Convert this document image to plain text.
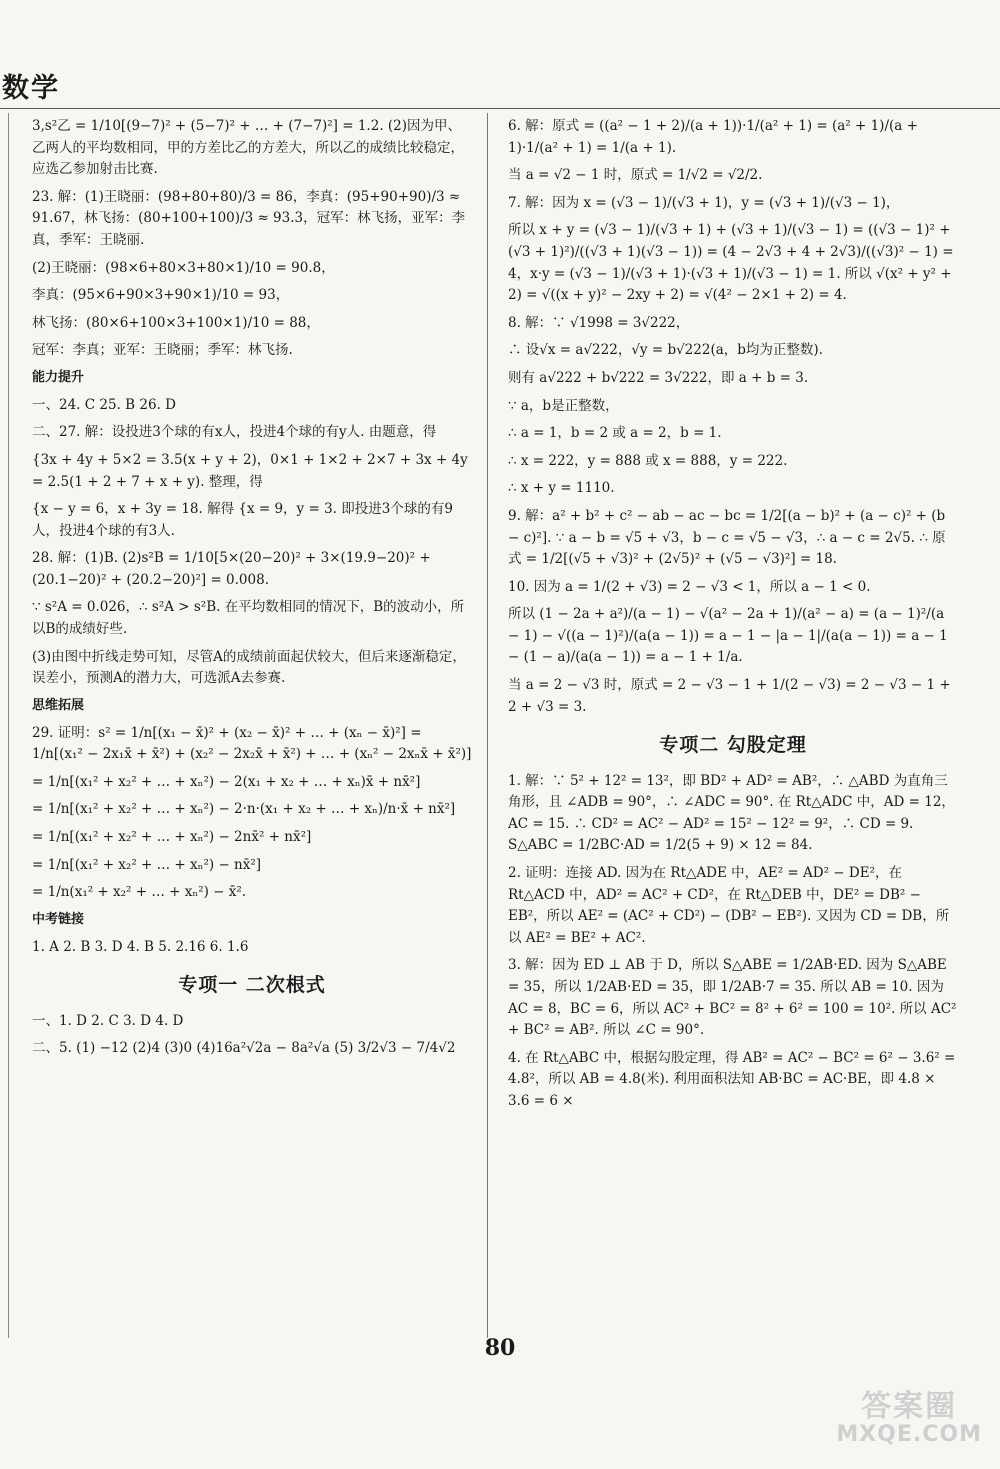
数学

3,s²乙 = 1/10[(9−7)² + (5−7)² + … + (7−7)²] = 1.2. (2)因为甲、乙两人的平均数相同，甲的方差比乙的方差大，所以乙的成绩比较稳定，应选乙参加射击比赛.

23. 解：(1)王晓丽：(98+80+80)/3 = 86，李真：(95+90+90)/3 ≈ 91.67，林飞扬：(80+100+100)/3 ≈ 93.3，冠军：林飞扬，亚军：李真，季军：王晓丽.

(2)王晓丽：(98×6+80×3+80×1)/10 = 90.8，

李真：(95×6+90×3+90×1)/10 = 93，

林飞扬：(80×6+100×3+100×1)/10 = 88，

冠军：李真；亚军：王晓丽；季军：林飞扬.

能力提升

一、24. C 25. B 26. D

二、27. 解：设投进3个球的有x人，投进4个球的有y人. 由题意，得

{3x + 4y + 5×2 = 3.5(x + y + 2)，0×1 + 1×2 + 2×7 + 3x + 4y = 2.5(1 + 2 + 7 + x + y). 整理，得

{x − y = 6，x + 3y = 18. 解得 {x = 9，y = 3. 即投进3个球的有9人，投进4个球的有3人.

28. 解：(1)B. (2)s²B = 1/10[5×(20−20)² + 3×(19.9−20)² + (20.1−20)² + (20.2−20)²] = 0.008.

∵ s²A = 0.026，∴ s²A > s²B. 在平均数相同的情况下，B的波动小，所以B的成绩好些.

(3)由图中折线走势可知，尽管A的成绩前面起伏较大，但后来逐渐稳定，误差小，预测A的潜力大，可选派A去参赛.

思维拓展

29. 证明：s² = 1/n[(x₁ − x̄)² + (x₂ − x̄)² + … + (xₙ − x̄)²] = 1/n[(x₁² − 2x₁x̄ + x̄²) + (x₂² − 2x₂x̄ + x̄²) + … + (xₙ² − 2xₙx̄ + x̄²)]

= 1/n[(x₁² + x₂² + … + xₙ²) − 2(x₁ + x₂ + … + xₙ)x̄ + nx̄²]

= 1/n[(x₁² + x₂² + … + xₙ²) − 2·n·(x₁ + x₂ + … + xₙ)/n·x̄ + nx̄²]

= 1/n[(x₁² + x₂² + … + xₙ²) − 2nx̄² + nx̄²]

= 1/n[(x₁² + x₂² + … + xₙ²) − nx̄²]

= 1/n(x₁² + x₂² + … + xₙ²) − x̄².

中考链接

1. A 2. B 3. D 4. B 5. 2.16 6. 1.6

专项一 二次根式

一、1. D 2. C 3. D 4. D

二、5. (1) −12 (2)4 (3)0 (4)16a²√2a − 8a²√a (5) 3/2√3 − 7/4√2

6. 解：原式 = ((a² − 1 + 2)/(a + 1))·1/(a² + 1) = (a² + 1)/(a + 1)·1/(a² + 1) = 1/(a + 1).

当 a = √2 − 1 时，原式 = 1/√2 = √2/2.

7. 解：因为 x = (√3 − 1)/(√3 + 1)，y = (√3 + 1)/(√3 − 1)，

所以 x + y = (√3 − 1)/(√3 + 1) + (√3 + 1)/(√3 − 1) = ((√3 − 1)² + (√3 + 1)²)/((√3 + 1)(√3 − 1)) = (4 − 2√3 + 4 + 2√3)/((√3)² − 1) = 4，x·y = (√3 − 1)/(√3 + 1)·(√3 + 1)/(√3 − 1) = 1. 所以 √(x² + y² + 2) = √((x + y)² − 2xy + 2) = √(4² − 2×1 + 2) = 4.

8. 解：∵ √1998 = 3√222，

∴ 设√x = a√222，√y = b√222(a，b均为正整数).

则有 a√222 + b√222 = 3√222，即 a + b = 3.

∵ a，b是正整数，

∴ a = 1，b = 2 或 a = 2，b = 1.

∴ x = 222，y = 888 或 x = 888，y = 222.

∴ x + y = 1110.

9. 解：a² + b² + c² − ab − ac − bc = 1/2[(a − b)² + (a − c)² + (b − c)²]. ∵ a − b = √5 + √3，b − c = √5 − √3，∴ a − c = 2√5. ∴ 原式 = 1/2[(√5 + √3)² + (2√5)² + (√5 − √3)²] = 18.

10. 因为 a = 1/(2 + √3) = 2 − √3 < 1，所以 a − 1 < 0.

所以 (1 − 2a + a²)/(a − 1) − √(a² − 2a + 1)/(a² − a) = (a − 1)²/(a − 1) − √((a − 1)²)/(a(a − 1)) = a − 1 − |a − 1|/(a(a − 1)) = a − 1 − (1 − a)/(a(a − 1)) = a − 1 + 1/a.

当 a = 2 − √3 时，原式 = 2 − √3 − 1 + 1/(2 − √3) = 2 − √3 − 1 + 2 + √3 = 3.

专项二 勾股定理

1. 解：∵ 5² + 12² = 13²，即 BD² + AD² = AB²，∴ △ABD 为直角三角形，且 ∠ADB = 90°，∴ ∠ADC = 90°. 在 Rt△ADC 中，AD = 12，AC = 15. ∴ CD² = AC² − AD² = 15² − 12² = 9²，∴ CD = 9. S△ABC = 1/2BC·AD = 1/2(5 + 9) × 12 = 84.

2. 证明：连接 AD. 因为在 Rt△ADE 中，AE² = AD² − DE²，在 Rt△ACD 中，AD² = AC² + CD²，在 Rt△DEB 中，DE² = DB² − EB²，所以 AE² = (AC² + CD²) − (DB² − EB²). 又因为 CD = DB，所以 AE² = BE² + AC².

3. 解：因为 ED ⊥ AB 于 D，所以 S△ABE = 1/2AB·ED. 因为 S△ABE = 35，所以 1/2AB·ED = 35，即 1/2AB·7 = 35. 所以 AB = 10. 因为 AC = 8，BC = 6，所以 AC² + BC² = 8² + 6² = 100 = 10². 所以 AC² + BC² = AB². 所以 ∠C = 90°.

4. 在 Rt△ABC 中，根据勾股定理，得 AB² = AC² − BC² = 6² − 3.6² = 4.8²，所以 AB = 4.8(米). 利用面积法知 AB·BC = AC·BE，即 4.8 × 3.6 = 6 ×

80
答案圈
MXQE.COM
